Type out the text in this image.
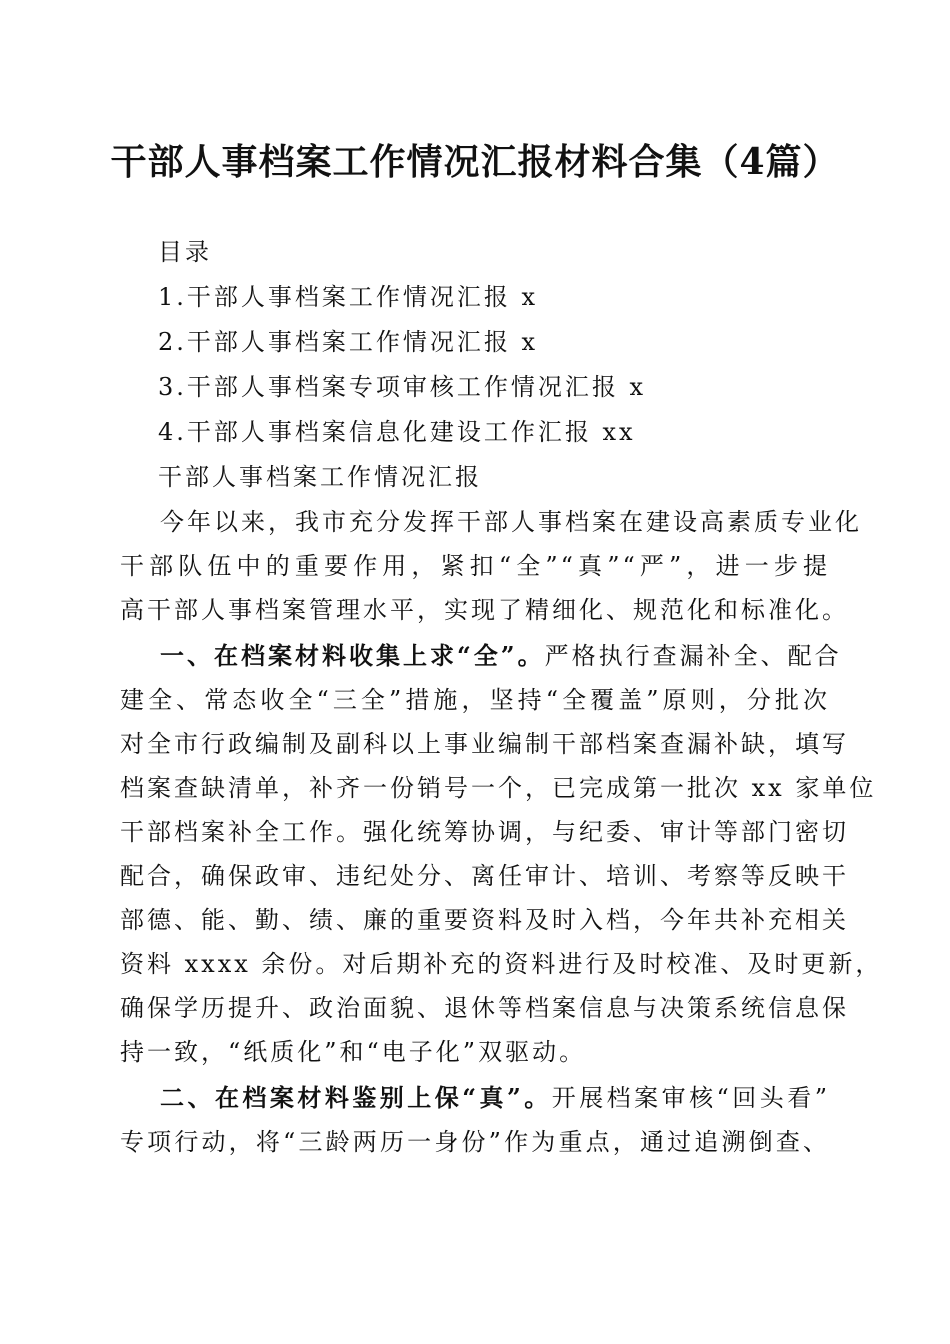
干部人事档案工作情况汇报材料合集（4篇）
目录
1.干部人事档案工作情况汇报 x
2.干部人事档案工作情况汇报 x
3.干部人事档案专项审核工作情况汇报 x
4.干部人事档案信息化建设工作汇报 xx
干部人事档案工作情况汇报
今年以来，我市充分发挥干部人事档案在建设高素质专业化
干部队伍中的重要作用，紧扣“全”“真”“严”，进一步提
高干部人事档案管理水平，实现了精细化、规范化和标准化。
一、在档案材料收集上求“全”。严格执行查漏补全、配合
建全、常态收全“三全”措施，坚持“全覆盖”原则，分批次
对全市行政编制及副科以上事业编制干部档案查漏补缺，填写
档案查缺清单，补齐一份销号一个，已完成第一批次 xx 家单位
干部档案补全工作。强化统筹协调，与纪委、审计等部门密切
配合，确保政审、违纪处分、离任审计、培训、考察等反映干
部德、能、勤、绩、廉的重要资料及时入档，今年共补充相关
资料 xxxx 余份。对后期补充的资料进行及时校准、及时更新，
确保学历提升、政治面貌、退休等档案信息与决策系统信息保
持一致，“纸质化”和“电子化”双驱动。
二、在档案材料鉴别上保“真”。开展档案审核“回头看”
专项行动，将“三龄两历一身份”作为重点，通过追溯倒查、
